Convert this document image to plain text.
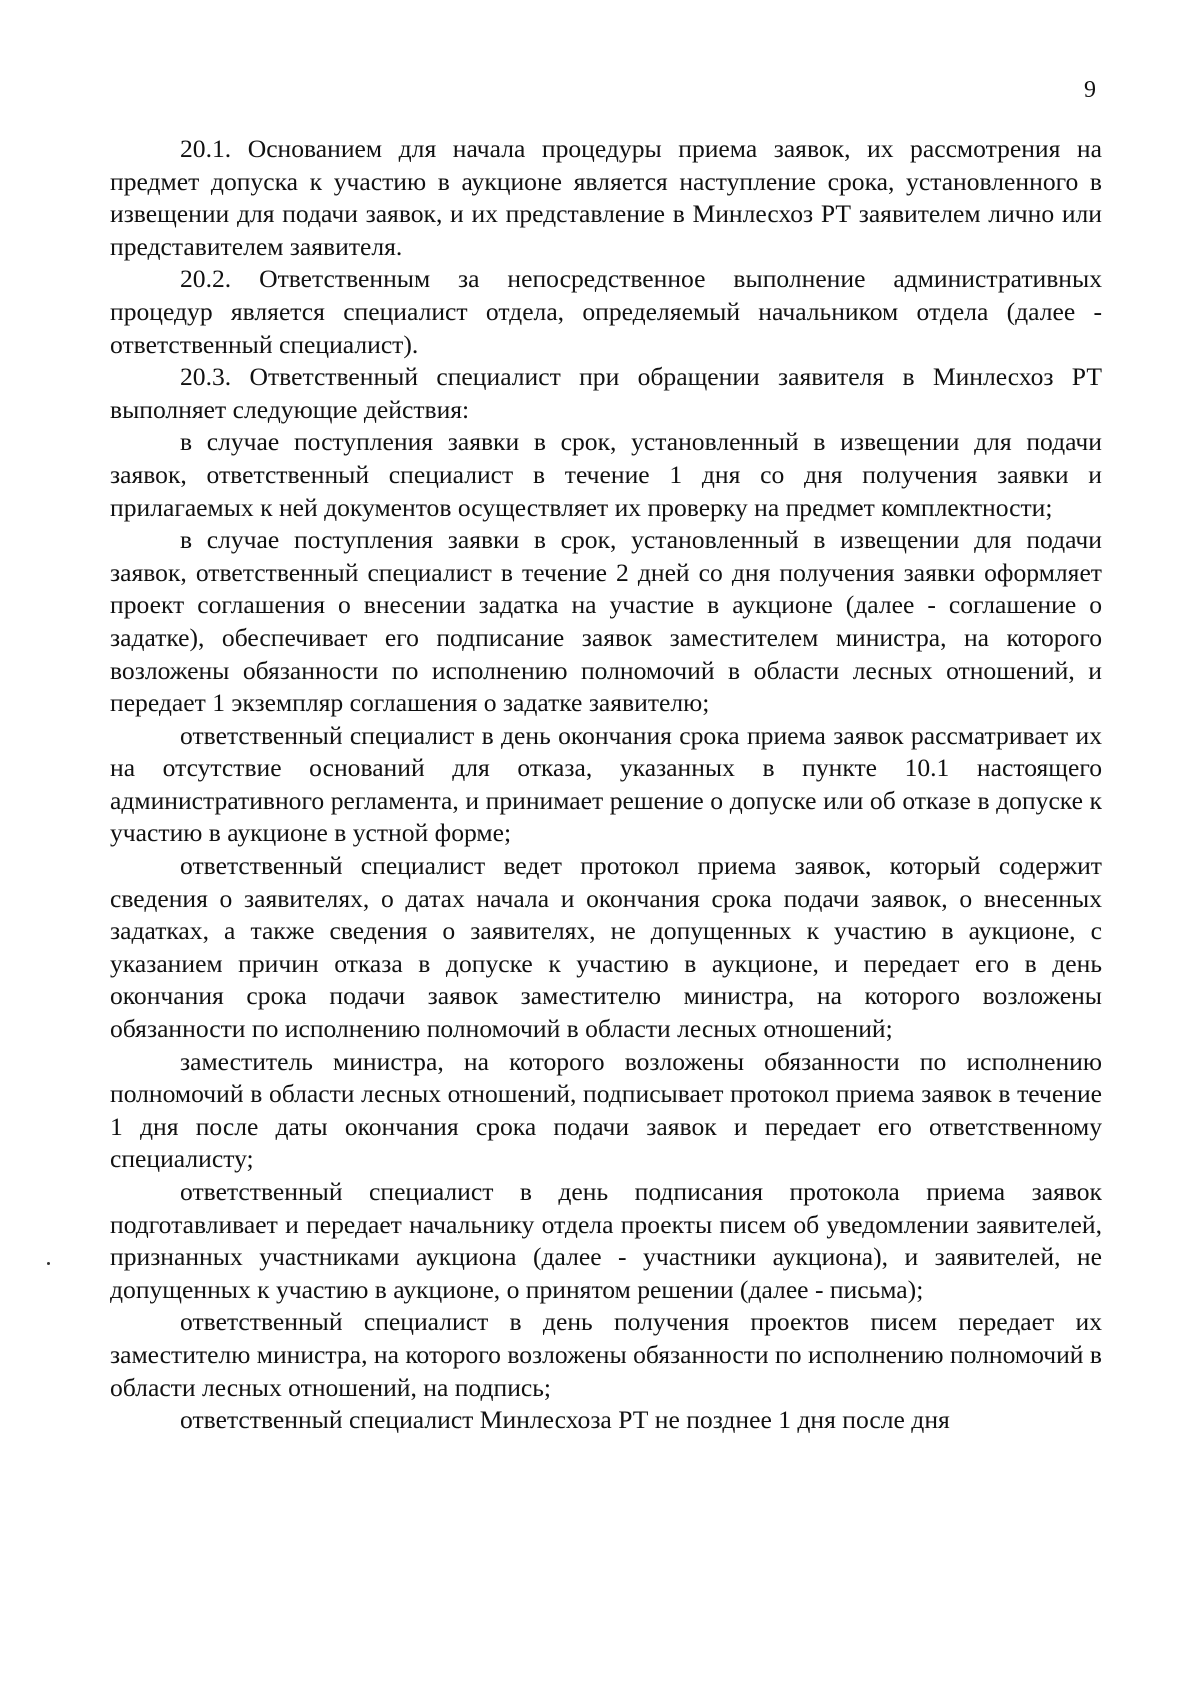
9

20.1. Основанием для начала процедуры приема заявок, их рассмотрения на предмет допуска к участию в аукционе является наступление срока, установленного в извещении для подачи заявок, и их представление в Минлесхоз РТ заявителем лично или представителем заявителя.

20.2. Ответственным за непосредственное выполнение административных процедур является специалист отдела, определяемый начальником отдела (далее - ответственный специалист).

20.3. Ответственный специалист при обращении заявителя в Минлесхоз РТ выполняет следующие действия:

в случае поступления заявки в срок, установленный в извещении для подачи заявок, ответственный специалист в течение 1 дня со дня получения заявки и прилагаемых к ней документов осуществляет их проверку на предмет комплектности;

в случае поступления заявки в срок, установленный в извещении для подачи заявок, ответственный специалист в течение 2 дней со дня получения заявки оформляет проект соглашения о внесении задатка на участие в аукционе (далее - соглашение о задатке), обеспечивает его подписание заявок заместителем министра, на которого возложены обязанности по исполнению полномочий в области лесных отношений, и передает 1 экземпляр соглашения о задатке заявителю;

ответственный специалист в день окончания срока приема заявок рассматривает их на отсутствие оснований для отказа, указанных в пункте 10.1 настоящего административного регламента, и принимает решение о допуске или об отказе в допуске к участию в аукционе в устной форме;

ответственный специалист ведет протокол приема заявок, который содержит сведения о заявителях, о датах начала и окончания срока подачи заявок, о внесенных задатках, а также сведения о заявителях, не допущенных к участию в аукционе, с указанием причин отказа в допуске к участию в аукционе, и передает его в день окончания срока подачи заявок заместителю министра, на которого возложены обязанности по исполнению полномочий в области лесных отношений;

заместитель министра, на которого возложены обязанности по исполнению полномочий в области лесных отношений, подписывает протокол приема заявок в течение 1 дня после даты окончания срока подачи заявок и передает его ответственному специалисту;

ответственный специалист в день подписания протокола приема заявок подготавливает и передает начальнику отдела проекты писем об уведомлении заявителей, признанных участниками аукциона (далее - участники аукциона), и заявителей, не допущенных к участию в аукционе, о принятом решении (далее - письма);

ответственный специалист в день получения проектов писем передает их заместителю министра, на которого возложены обязанности по исполнению полномочий в области лесных отношений, на подпись;

ответственный специалист Минлесхоза РТ не позднее 1 дня после дня
